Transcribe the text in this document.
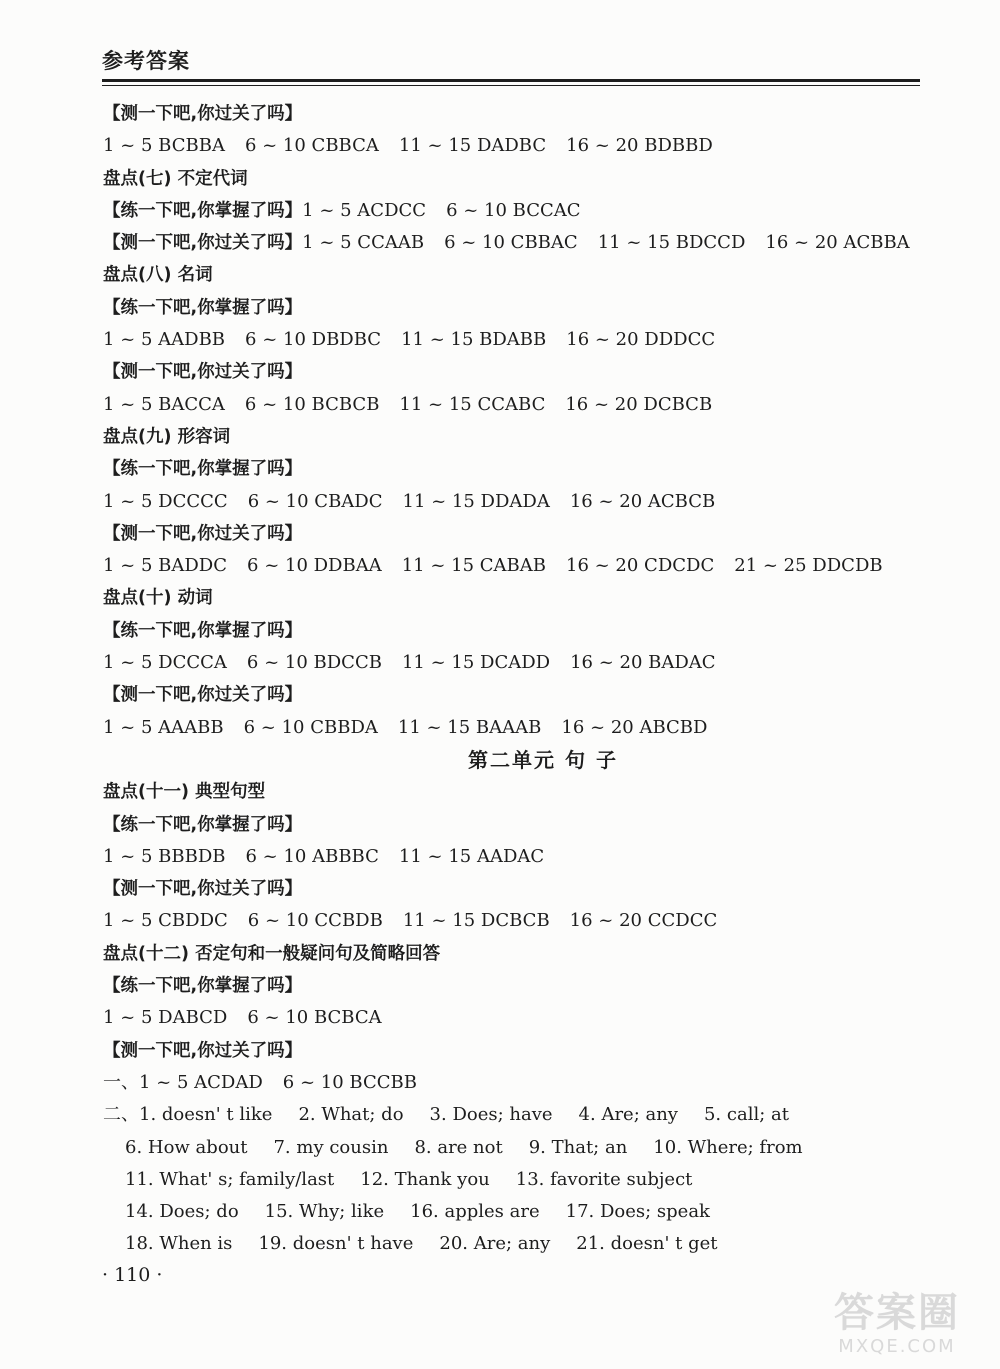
参考答案
【测一下吧,你过关了吗】
1 ~ 5 BCBBA 6 ~ 10 CBBCA 11 ~ 15 DADBC 16 ~ 20 BDBBD
盘点(七) 不定代词
【练一下吧,你掌握了吗】1 ~ 5 ACDCC 6 ~ 10 BCCAC
【测一下吧,你过关了吗】1 ~ 5 CCAAB 6 ~ 10 CBBAC 11 ~ 15 BDCCD 16 ~ 20 ACBBA
盘点(八) 名词
【练一下吧,你掌握了吗】
1 ~ 5 AADBB 6 ~ 10 DBDBC 11 ~ 15 BDABB 16 ~ 20 DDDCC
【测一下吧,你过关了吗】
1 ~ 5 BACCA 6 ~ 10 BCBCB 11 ~ 15 CCABC 16 ~ 20 DCBCB
盘点(九) 形容词
【练一下吧,你掌握了吗】
1 ~ 5 DCCCC 6 ~ 10 CBADC 11 ~ 15 DDADA 16 ~ 20 ACBCB
【测一下吧,你过关了吗】
1 ~ 5 BADDC 6 ~ 10 DDBAA 11 ~ 15 CABAB 16 ~ 20 CDCDC 21 ~ 25 DDCDB
盘点(十) 动词
【练一下吧,你掌握了吗】
1 ~ 5 DCCCA 6 ~ 10 BDCCB 11 ~ 15 DCADD 16 ~ 20 BADAC
【测一下吧,你过关了吗】
1 ~ 5 AAABB 6 ~ 10 CBBDA 11 ~ 15 BAAAB 16 ~ 20 ABCBD
第二单元 句 子
盘点(十一) 典型句型
【练一下吧,你掌握了吗】
1 ~ 5 BBBDB 6 ~ 10 ABBBC 11 ~ 15 AADAC
【测一下吧,你过关了吗】
1 ~ 5 CBDDC 6 ~ 10 CCBDB 11 ~ 15 DCBCB 16 ~ 20 CCDCC
盘点(十二) 否定句和一般疑问句及简略回答
【练一下吧,你掌握了吗】
1 ~ 5 DABCD 6 ~ 10 BCBCA
【测一下吧,你过关了吗】
一、1 ~ 5 ACDAD 6 ~ 10 BCCBB
二、1. doesn' t like 2. What; do 3. Does; have 4. Are; any 5. call; at
6. How about 7. my cousin 8. are not 9. That; an 10. Where; from
11. What' s; family/last 12. Thank you 13. favorite subject
14. Does; do 15. Why; like 16. apples are 17. Does; speak
18. When is 19. doesn' t have 20. Are; any 21. doesn' t get
· 110 ·
答案圈
MXQE.COM
